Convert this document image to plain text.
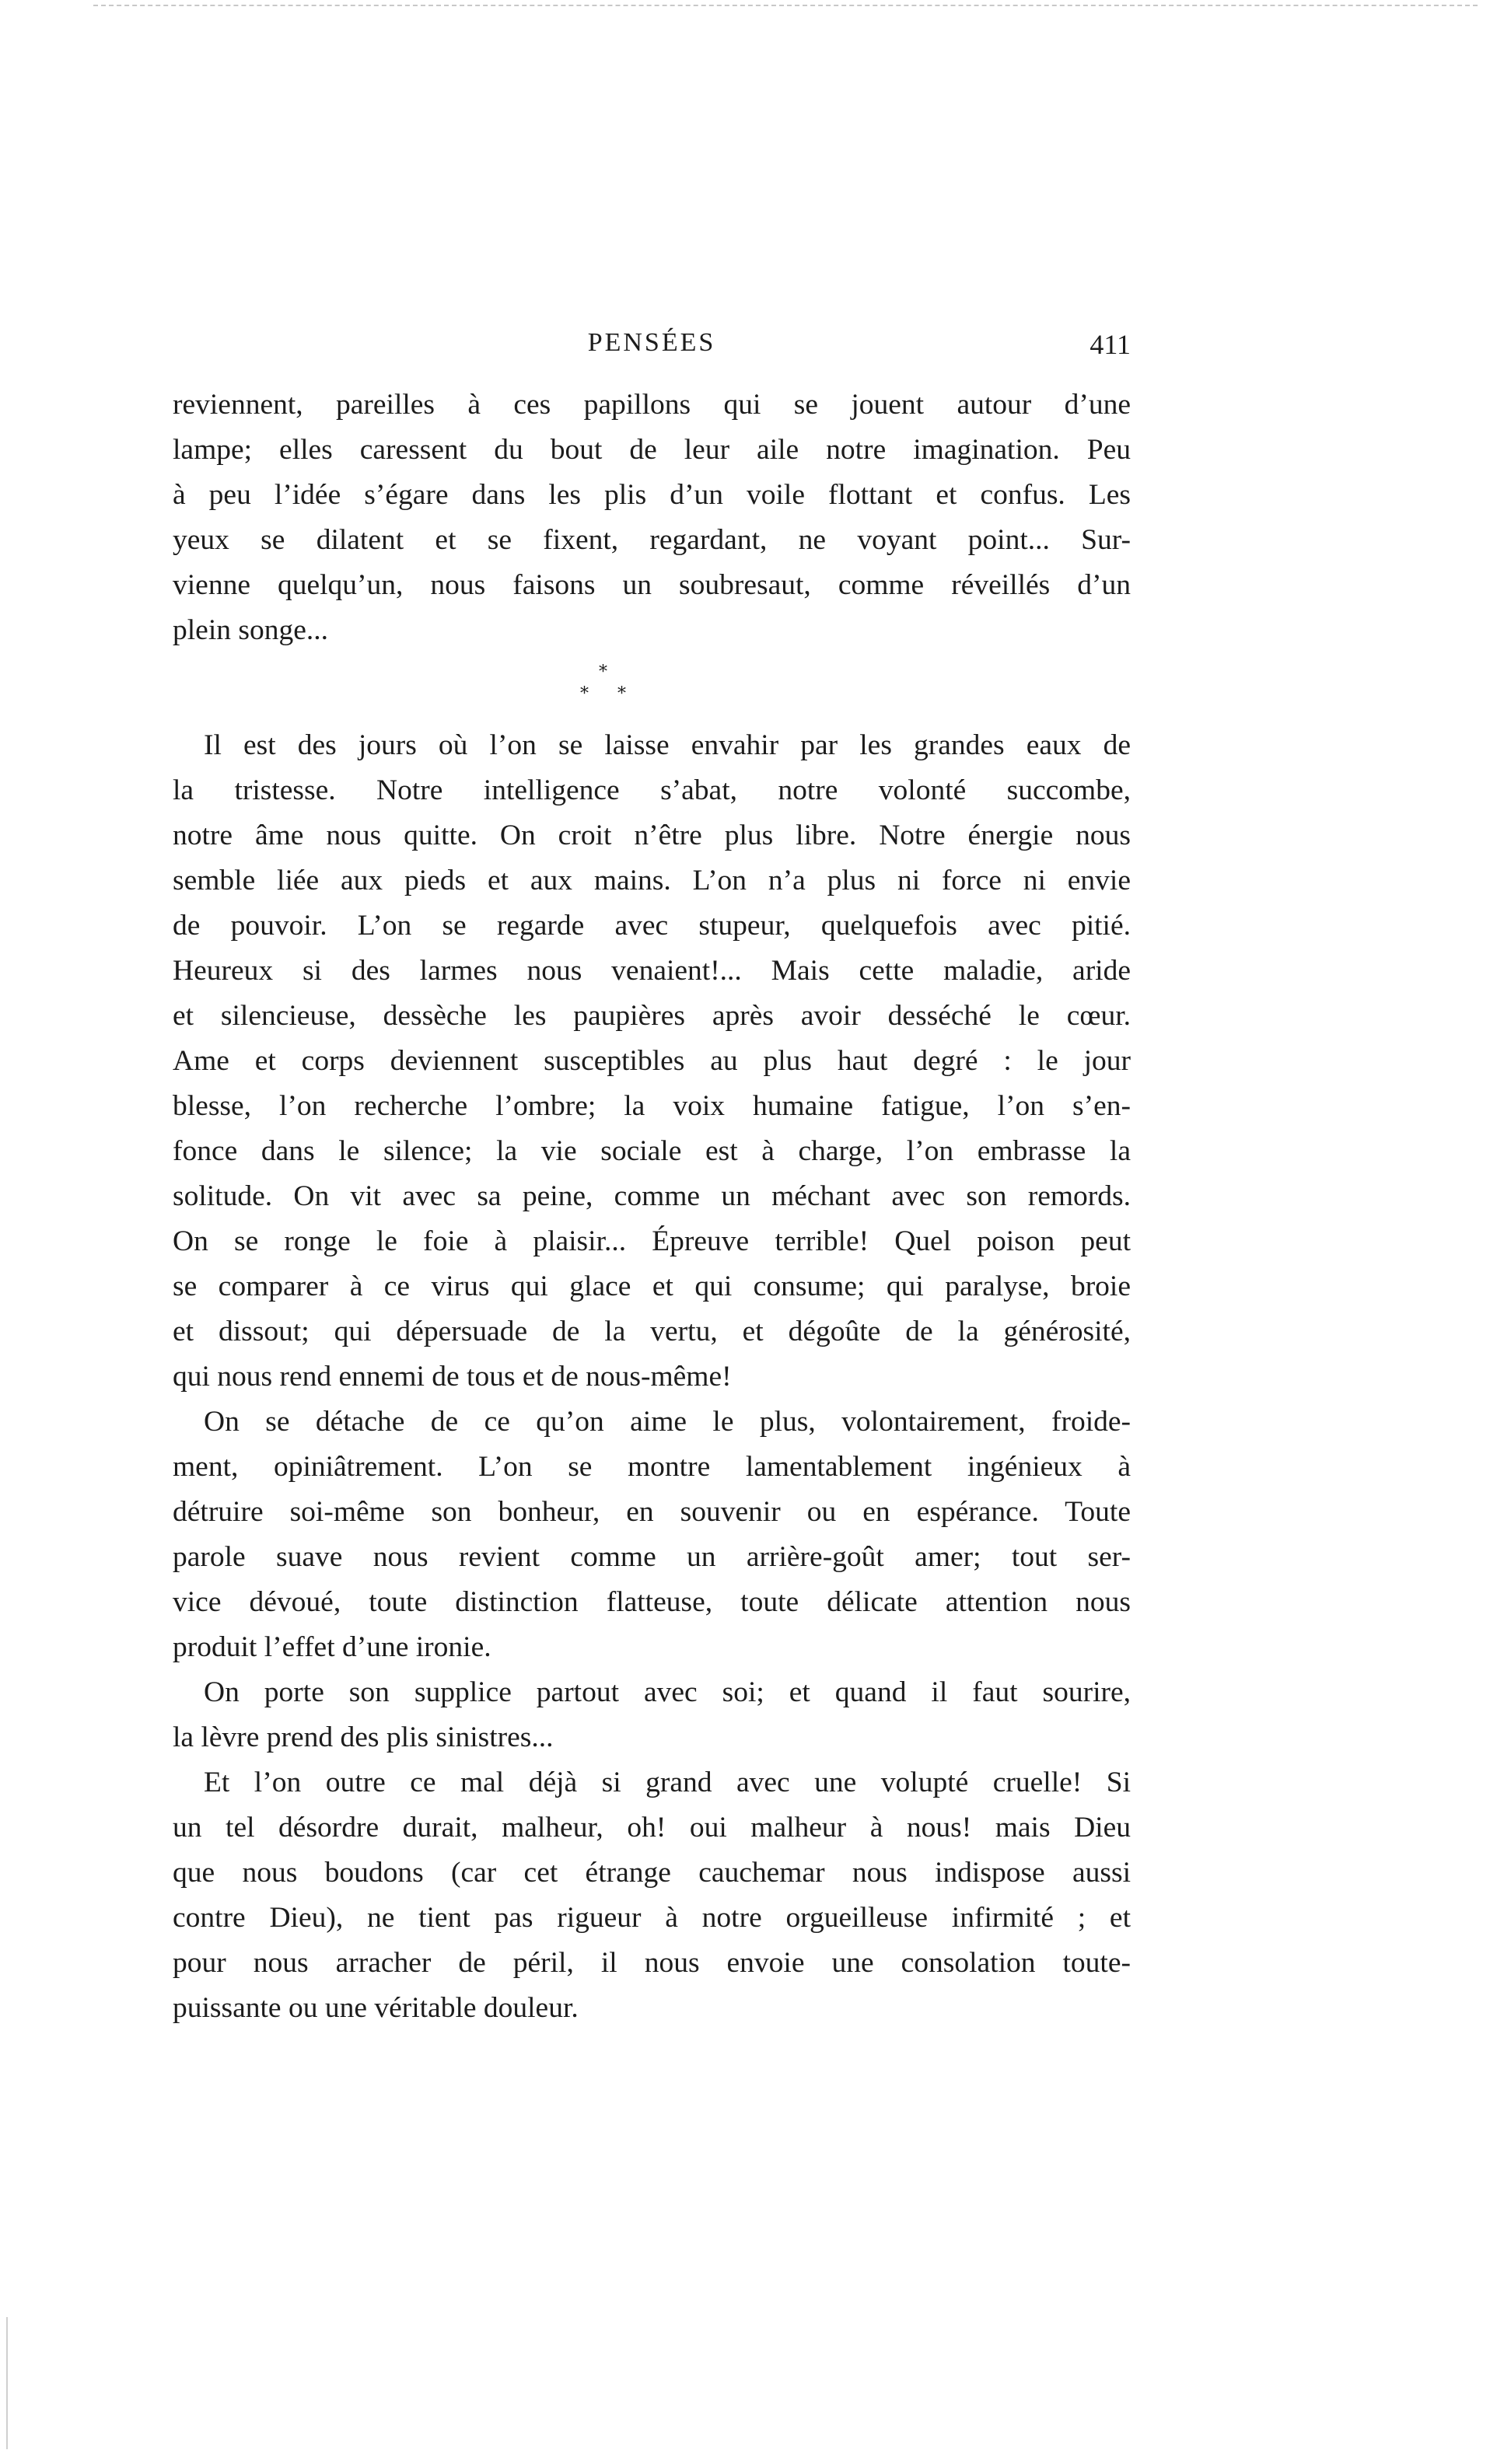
PENSÉES	411
reviennent, pareilles à ces papillons qui se jouent autour d’une
lampe; elles caressent du bout de leur aile notre imagination. Peu
à peu l’idée s’égare dans les plis d’un voile flottant et confus. Les
yeux se dilatent et se fixent, regardant, ne voyant point... Sur-
vienne quelqu’un, nous faisons un soubresaut, comme réveillés d’un
plein songe...
*
* *
Il est des jours où l’on se laisse envahir par les grandes eaux de
la tristesse. Notre intelligence s’abat, notre volonté succombe,
notre âme nous quitte. On croit n’être plus libre. Notre énergie nous
semble liée aux pieds et aux mains. L’on n’a plus ni force ni envie
de pouvoir. L’on se regarde avec stupeur, quelquefois avec pitié.
Heureux si des larmes nous venaient!... Mais cette maladie, aride
et silencieuse, dessèche les paupières après avoir desséché le cœur.
Ame et corps deviennent susceptibles au plus haut degré : le jour
blesse, l’on recherche l’ombre; la voix humaine fatigue, l’on s’en-
fonce dans le silence; la vie sociale est à charge, l’on embrasse la
solitude. On vit avec sa peine, comme un méchant avec son remords.
On se ronge le foie à plaisir... Épreuve terrible! Quel poison peut
se comparer à ce virus qui glace et qui consume; qui paralyse, broie
et dissout; qui dépersuade de la vertu, et dégoûte de la générosité,
qui nous rend ennemi de tous et de nous-même!
On se détache de ce qu’on aime le plus, volontairement, froide-
ment, opiniâtrement. L’on se montre lamentablement ingénieux à
détruire soi-même son bonheur, en souvenir ou en espérance. Toute
parole suave nous revient comme un arrière-goût amer; tout ser-
vice dévoué, toute distinction flatteuse, toute délicate attention nous
produit l’effet d’une ironie.
On porte son supplice partout avec soi; et quand il faut sourire,
la lèvre prend des plis sinistres...
Et l’on outre ce mal déjà si grand avec une volupté cruelle! Si
un tel désordre durait, malheur, oh! oui malheur à nous! mais Dieu
que nous boudons (car cet étrange cauchemar nous indispose aussi
contre Dieu), ne tient pas rigueur à notre orgueilleuse infirmité ; et
pour nous arracher de péril, il nous envoie une consolation toute-
puissante ou une véritable douleur.
